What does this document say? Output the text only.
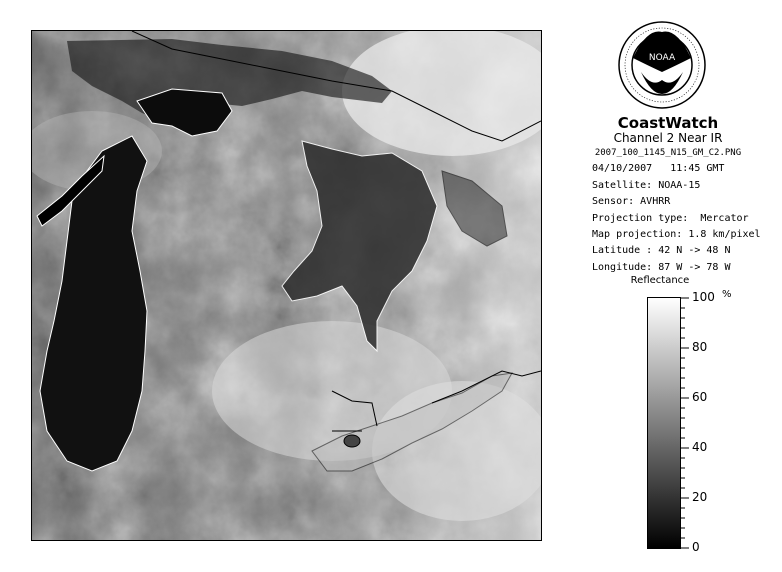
NOAA
CoastWatch
Channel 2 Near IR
2007_100_1145_N15_GM_C2.PNG
04/10/2007   11:45 GMT
Satellite: NOAA-15
Sensor: AVHRR
Projection type:  Mercator
Map projection: 1.8 km/pixel
Latitude : 42 N -> 48 N
Longitude: 87 W -> 78 W
Reflectance
%
0
20
40
60
80
100
